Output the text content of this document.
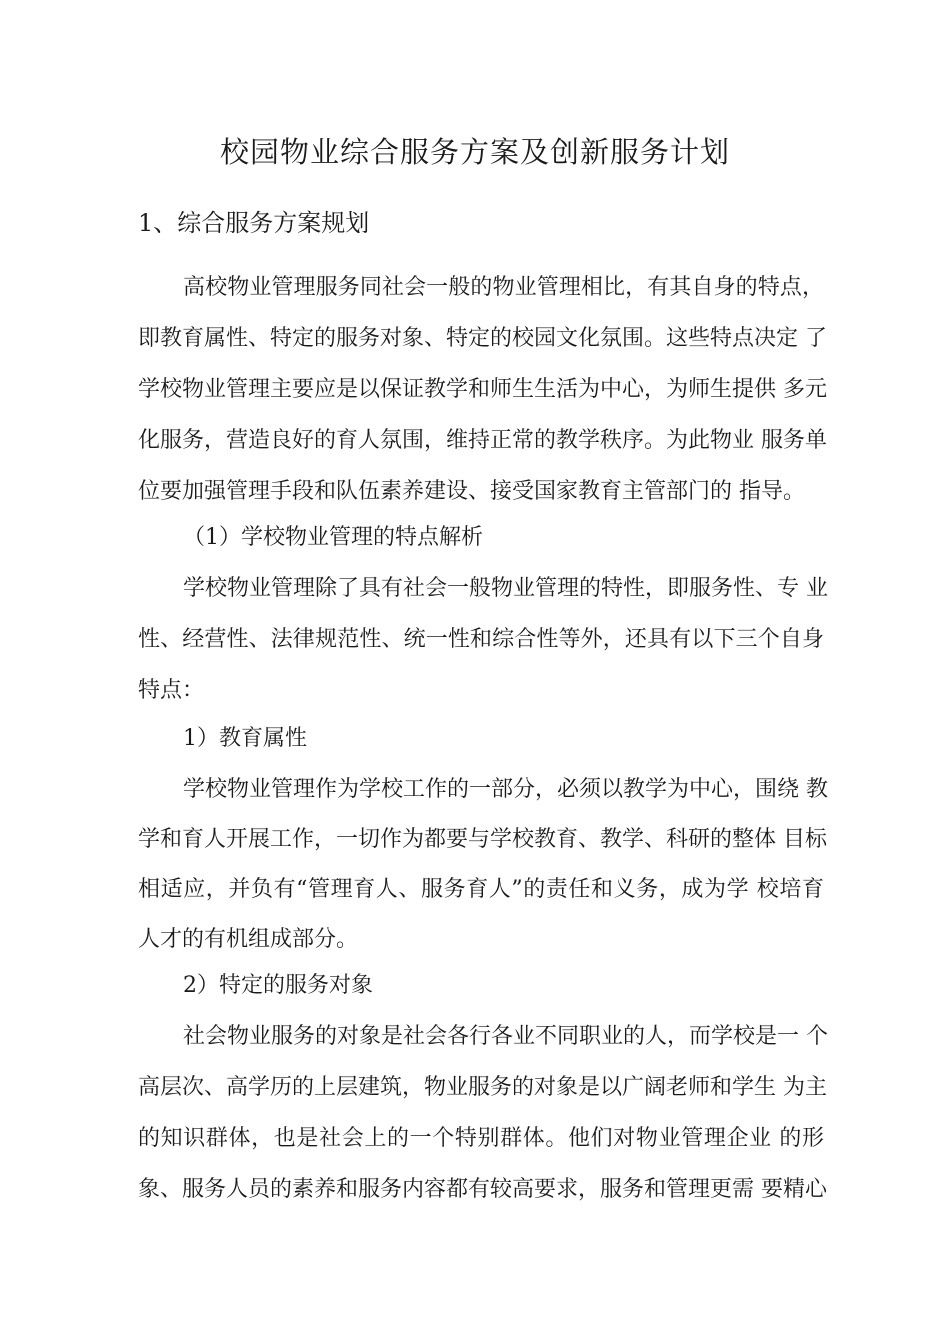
校园物业综合服务方案及创新服务计划
1、综合服务方案规划

高校物业管理服务同社会一般的物业管理相比，有其自身的特点，

即教育属性、特定的服务对象、特定的校园文化氛围。这些特点决定 了

学校物业管理主要应是以保证教学和师生生活为中心，为师生提供 多元

化服务，营造良好的育人氛围，维持正常的教学秩序。为此物业 服务单

位要加强管理手段和队伍素养建设、接受国家教育主管部门的 指导。

（1）学校物业管理的特点解析

学校物业管理除了具有社会一般物业管理的特性，即服务性、专 业

性、经营性、法律规范性、统一性和综合性等外，还具有以下三个自身

特点：

1）教育属性

学校物业管理作为学校工作的一部分，必须以教学为中心，围绕 教

学和育人开展工作，一切作为都要与学校教育、教学、科研的整体 目标

相适应，并负有“管理育人、服务育人”的责任和义务，成为学 校培育

人才的有机组成部分。

2）特定的服务对象

社会物业服务的对象是社会各行各业不同职业的人，而学校是一 个

高层次、高学历的上层建筑，物业服务的对象是以广阔老师和学生 为主

的知识群体，也是社会上的一个特别群体。他们对物业管理企业 的形

象、服务人员的素养和服务内容都有较高要求，服务和管理更需 要精心
